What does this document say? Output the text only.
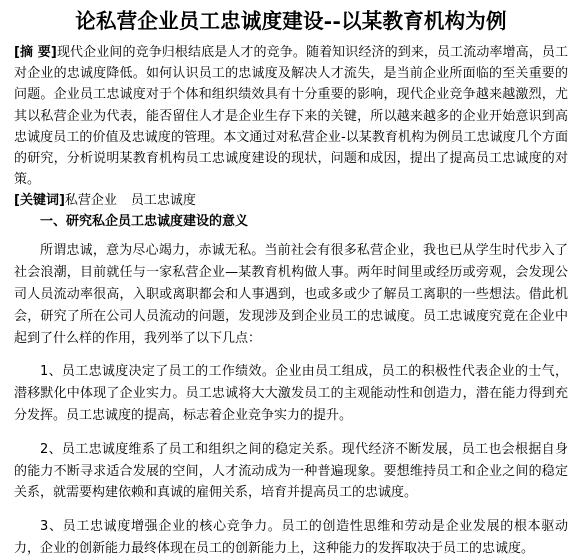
论私营企业员工忠诚度建设--以某教育机构为例

[摘 要]现代企业间的竞争归根结底是人才的竞争。随着知识经济的到来，员工流动率增高，员工对企业的忠诚度降低。如何认识员工的忠诚度及解决人才流失，是当前企业所面临的至关重要的问题。企业员工忠诚度对于个体和组织绩效具有十分重要的影响，现代企业竞争越来越激烈，尤其以私营企业为代表，能否留住人才是企业生存下来的关键，所以越来越多的企业开始意识到高忠诚度员工的价值及忠诚度的管理。本文通过对私营企业-以某教育机构为例员工忠诚度几个方面的研究，分析说明某教育机构员工忠诚度建设的现状，问题和成因，提出了提高员工忠诚度的对策。

[关键词]私营企业 员工忠诚度

一、研究私企员工忠诚度建设的意义

所谓忠诚，意为尽心竭力，赤诚无私。当前社会有很多私营企业，我也已从学生时代步入了社会浪潮，目前就任与一家私营企业—某教育机构做人事。两年时间里或经历或旁观，会发现公司人员流动率很高，入职或离职都会和人事遇到，也或多或少了解员工离职的一些想法。借此机会，研究了所在公司人员流动的问题，发现涉及到企业员工的忠诚度。员工忠诚度究竟在企业中起到了什么样的作用，我列举了以下几点：

1、员工忠诚度决定了员工的工作绩效。企业由员工组成，员工的积极性代表企业的士气，潜移默化中体现了企业实力。员工忠诚将大大激发员工的主观能动性和创造力，潜在能力得到充分发挥。员工忠诚度的提高，标志着企业竞争实力的提升。

2、员工忠诚度维系了员工和组织之间的稳定关系。现代经济不断发展，员工也会根据自身的能力不断寻求适合发展的空间，人才流动成为一种普遍现象。要想维持员工和企业之间的稳定关系，就需要构建依赖和真诚的雇佣关系，培育并提高员工的忠诚度。

3、员工忠诚度增强企业的核心竞争力。员工的创造性思维和劳动是企业发展的根本驱动力，企业的创新能力最终体现在员工的创新能力上，这种能力的发挥取决于员工的忠诚度。
